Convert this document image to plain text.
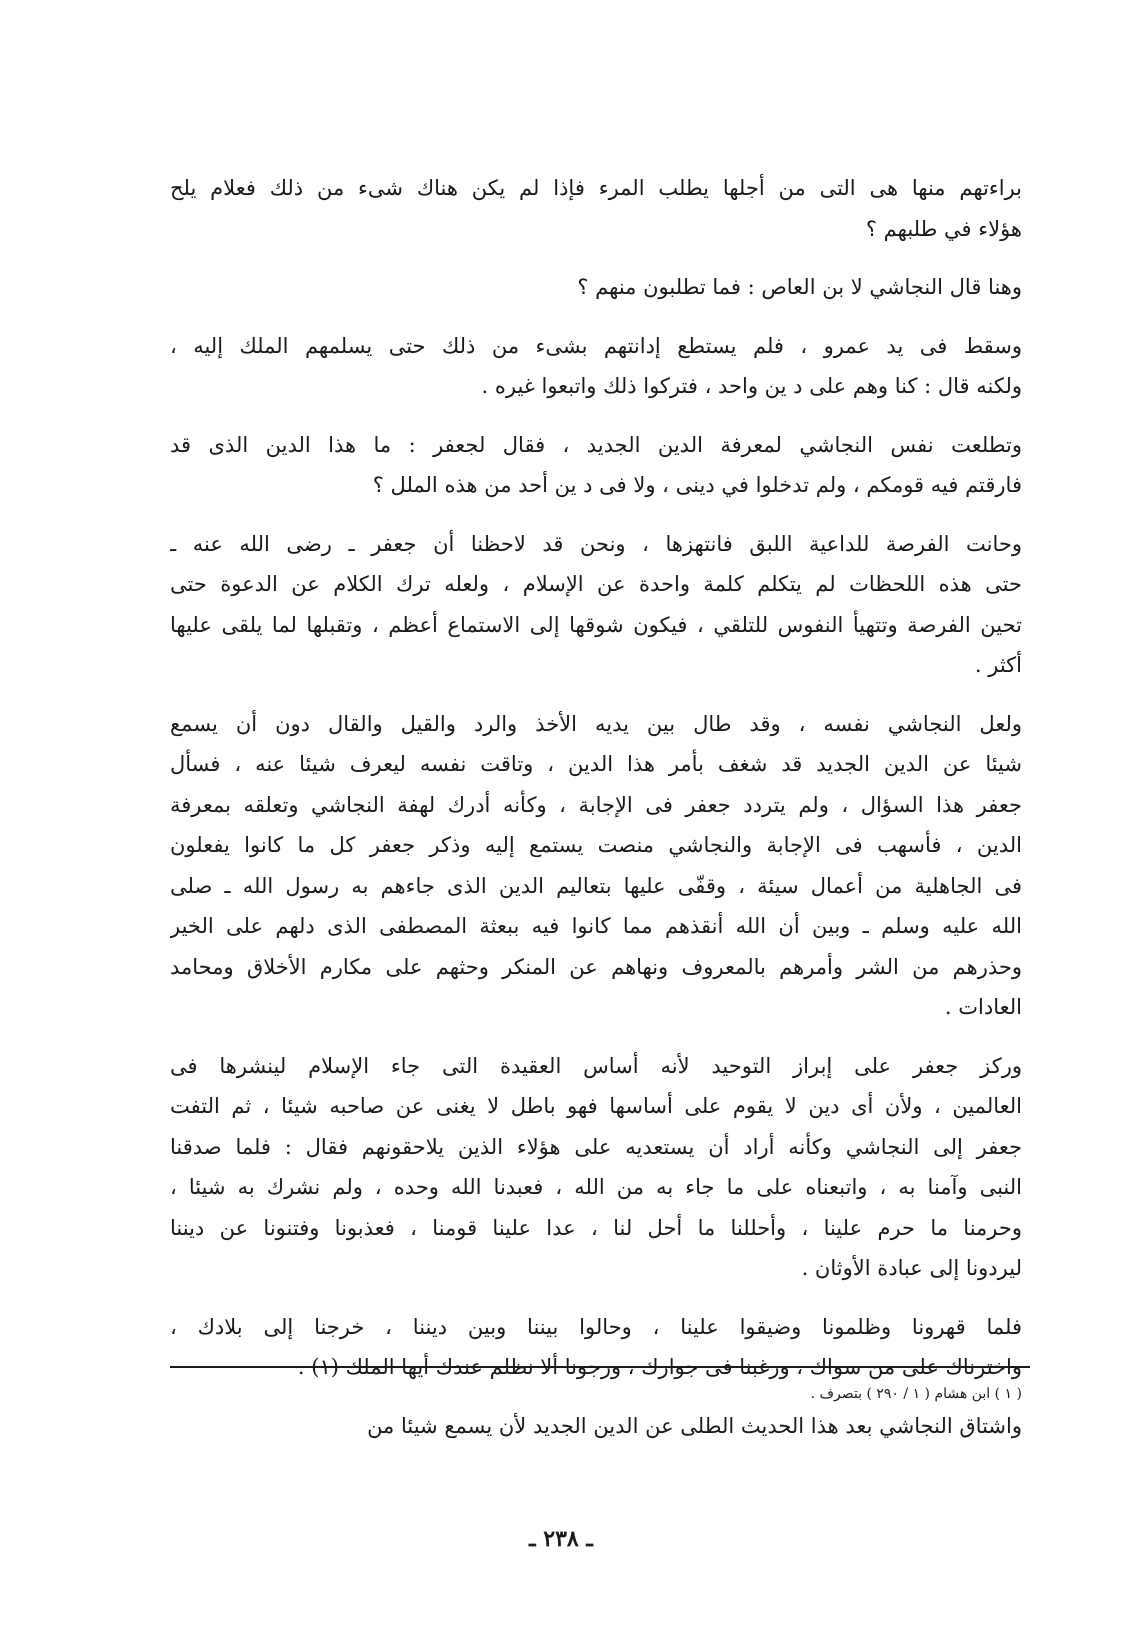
براءتهم منها هى التى من أجلها يطلب المرء فإذا لم يكن هناك شىء من ذلك فعلام يلح
هؤلاء في طلبهم ؟
وهنا قال النجاشي لا بن العاص : فما تطلبون منهم ؟
وسقط فى يد عمرو ، فلم يستطع إدانتهم بشىء من ذلك حتى يسلمهم الملك إليه ،
ولكنه قال : كنا وهم على د ين واحد ، فتركوا ذلك واتبعوا غيره .
وتطلعت نفس النجاشي لمعرفة الدين الجديد ، فقال لجعفر : ما هذا الدين الذى قد
فارقتم فيه قومكم ، ولم تدخلوا في دينى ، ولا فى د ين أحد من هذه الملل ؟
وحانت الفرصة للداعية اللبق فانتهزها ، ونحن قد لاحظنا أن جعفر ـ رضى الله عنه ـ
حتى هذه اللحظات لم يتكلم كلمة واحدة عن الإسلام ، ولعله ترك الكلام عن الدعوة حتى
تحين الفرصة وتتهيأ النفوس للتلقي ، فيكون شوقها إلى الاستماع أعظم ، وتقبلها لما يلقى عليها
أكثر .
ولعل النجاشي نفسه ، وقد طال بين يديه الأخذ والرد والقيل والقال دون أن يسمع
شيئا عن الدين الجديد قد شغف بأمر هذا الدين ، وتاقت نفسه ليعرف شيئا عنه ، فسأل
جعفر هذا السؤال ، ولم يتردد جعفر فى الإجابة ، وكأنه أدرك لهفة النجاشي وتعلقه بمعرفة
الدين ، فأسهب فى الإجابة والنجاشي منصت يستمع إليه وذكر جعفر كل ما كانوا يفعلون
فى الجاهلية من أعمال سيئة ، وقفّى عليها بتعاليم الدين الذى جاءهم به رسول الله ـ صلى
الله عليه وسلم ـ وبين أن الله أنقذهم مما كانوا فيه ببعثة المصطفى الذى دلهم على الخير
وحذرهم من الشر وأمرهم بالمعروف ونهاهم عن المنكر وحثهم على مكارم الأخلاق ومحامد
العادات .
وركز جعفر على إبراز التوحيد لأنه أساس العقيدة التى جاء الإسلام لينشرها فى
العالمين ، ولأن أى دين لا يقوم على أساسها فهو باطل لا يغنى عن صاحبه شيئا ، ثم التفت
جعفر إلى النجاشي وكأنه أراد أن يستعديه على هؤلاء الذين يلاحقونهم فقال : فلما صدقنا
النبى وآمنا به ، واتبعناه على ما جاء به من الله ، فعبدنا الله وحده ، ولم نشرك به شيئا ،
وحرمنا ما حرم علينا ، وأحللنا ما أحل لنا ، عدا علينا قومنا ، فعذبونا وفتنونا عن ديننا
ليردونا إلى عبادة الأوثان .
فلما قهرونا وظلمونا وضيقوا علينا ، وحالوا بيننا وبين ديننا ، خرجنا إلى بلادك ،
واخترناك على من سواك ، ورغبنا فى جوارك ، ورجونا ألا نظلم عندك أيها الملك (١) .
واشتاق النجاشي بعد هذا الحديث الطلى عن الدين الجديد لأن يسمع شيئا من
( ١ ) ابن هشام ( ١ / ٢٩٠ ) بتصرف .
ـ ٢٣٨ ـ
